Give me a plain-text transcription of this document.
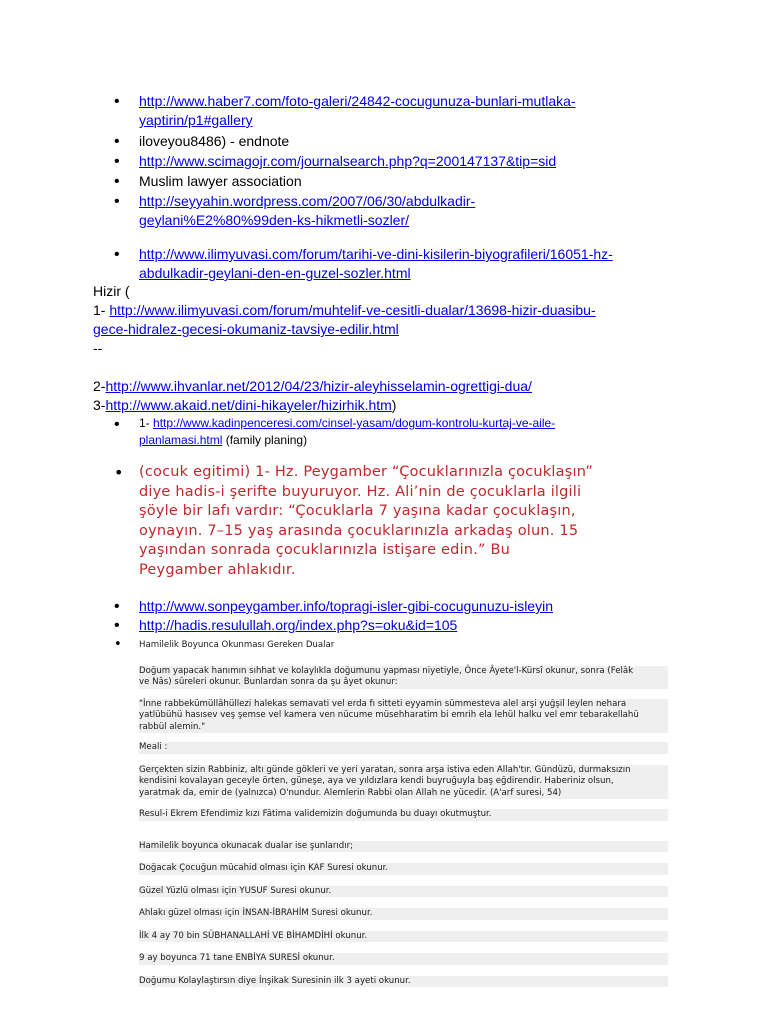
• http://www.haber7.com/foto-galeri/24842-cocugunuza-bunlari-mutlaka-
yaptirin/p1#gallery
• iloveyou8486) - endnote
• http://www.scimagojr.com/journalsearch.php?q=200147137&tip=sid
• Muslim lawyer association
• http://seyyahin.wordpress.com/2007/06/30/abdulkadir-
geylani%E2%80%99den-ks-hikmetli-sozler/
• http://www.ilimyuvasi.com/forum/tarihi-ve-dini-kisilerin-biyografileri/16051-hz-
abdulkadir-geylani-den-en-guzel-sozler.html
Hizir (
1- http://www.ilimyuvasi.com/forum/muhtelif-ve-cesitli-dualar/13698-hizir-duasibu-
gece-hidralez-gecesi-okumaniz-tavsiye-edilir.html
--
2-http://www.ihvanlar.net/2012/04/23/hizir-aleyhisselamin-ogrettigi-dua/
3-http://www.akaid.net/dini-hikayeler/hizirhik.htm)
• 1- http://www.kadinpenceresi.com/cinsel-yasam/dogum-kontrolu-kurtaj-ve-aile-
planlamasi.html (family planing)
• (cocuk egitimi) 1- Hz. Peygamber “Çocuklarınızla çocuklaşın”
diye hadis-i şerifte buyuruyor. Hz. Ali’nin de çocuklarla ilgili
şöyle bir lafı vardır: “Çocuklarla 7 yaşına kadar çocuklaşın,
oynayın. 7–15 yaş arasında çocuklarınızla arkadaş olun. 15
yaşından sonrada çocuklarınızla istişare edin.” Bu
Peygamber ahlakıdır.
• http://www.sonpeygamber.info/topragi-isler-gibi-cocugunuzu-isleyin
• http://hadis.resulullah.org/index.php?s=oku&id=105
• Hamilelik Boyunca Okunması Gereken Dualar
Doğum yapacak hanımın sıhhat ve kolaylıkla doğumunu yapması niyetiyle, Önce Âyete'l-Kürsî okunur, sonra (Felâk
ve Nâs) sûreleri okunur. Bunlardan sonra da şu âyet okunur:
"İnne rabbekümüllâhüllezi halekas semavati vel erda fı sitteti eyyamin sümmesteva alel arşi yuğşil leylen nehara
yatlübühü hasısev veş şemse vel kamera ven nücume müsehharatim bi emrih ela lehül halku vel emr tebarakellahü
rabbül alemin."
Meali :
Gerçekten sizin Rabbiniz, altı günde gökleri ve yeri yaratan, sonra arşa istiva eden Allah'tır. Gündüzü, durmaksızın
kendisini kovalayan geceyle örten, güneşe, aya ve yıldızlara kendi buyruğuyla baş eğdirendir. Haberiniz olsun,
yaratmak da, emir de (yalnızca) O'nundur. Alemlerin Rabbi olan Allah ne yücedir. (A'arf suresi, 54)
Resul-i Ekrem Efendimiz kızı Fâtima validemizin doğumunda bu duayı okutmuştur.
Hamilelik boyunca okunacak dualar ise şunlarıdır;
Doğacak Çocuğun mücahid olması için KAF Suresi okunur.
Güzel Yüzlü olması için YUSUF Suresi okunur.
Ahlakı güzel olması için İNSAN-İBRAHİM Suresi okunur.
İlk 4 ay 70 bin SÜBHANALLAHİ VE BİHAMDİHİ okunur.
9 ay boyunca 71 tane ENBİYA SURESİ okunur.
Doğumu Kolaylaştırsın diye İnşikak Suresinin ilk 3 ayeti okunur.
